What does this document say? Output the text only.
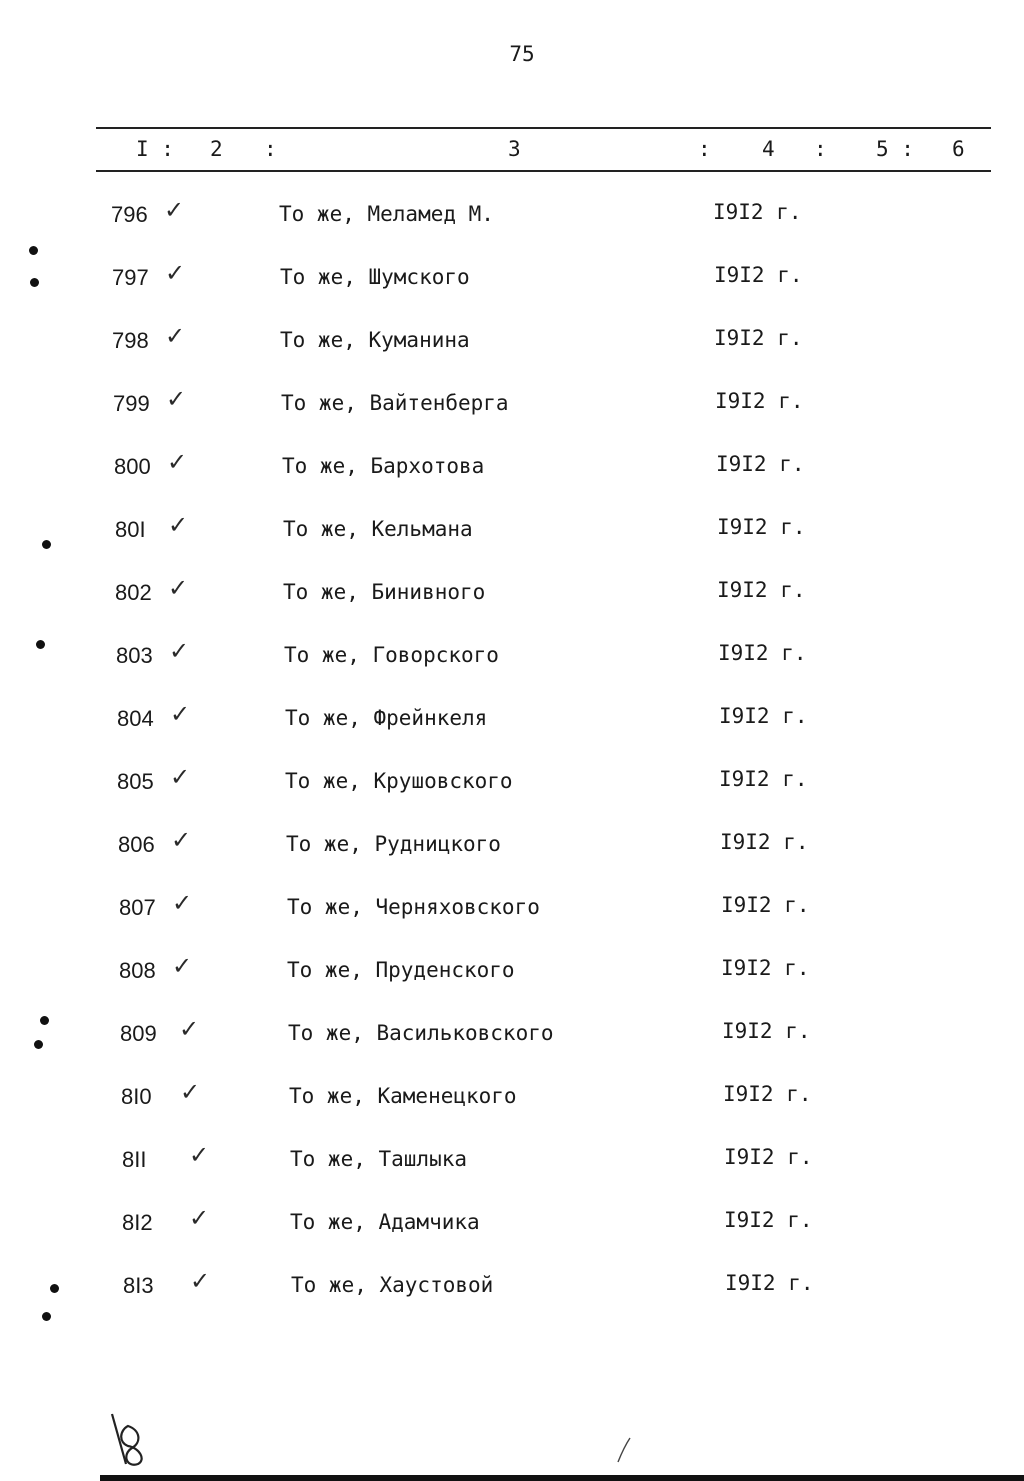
75
I : 2 :	3	: 4 : 5 : 6
796 ✓	То же, Меламед М.	I9I2 г.
797 ✓	То же, Шумского	I9I2 г.
798 ✓	То же, Куманина	I9I2 г.
799 ✓	То же, Вайтенберга	I9I2 г.
800 ✓	То же, Бархотова	I9I2 г.
80I ✓	То же, Кельмана	I9I2 г.
802 ✓	То же, Бинивного	I9I2 г.
803 ✓	То же, Говорского	I9I2 г.
804 ✓	То же, Фрейнкеля	I9I2 г.
805 ✓	То же, Крушовского	I9I2 г.
806 ✓	То же, Рудницкого	I9I2 г.
807 ✓	То же, Черняховского	I9I2 г.
808 ✓	То же, Пруденского	I9I2 г.
809 ✓	То же, Васильковского	I9I2 г.
8I0 ✓	То же, Каменецкого	I9I2 г.
8II ✓	То же, Ташлыка	I9I2 г.
8I2 ✓	То же, Адамчика	I9I2 г.
8I3 ✓	То же, Хаустовой	I9I2 г.
